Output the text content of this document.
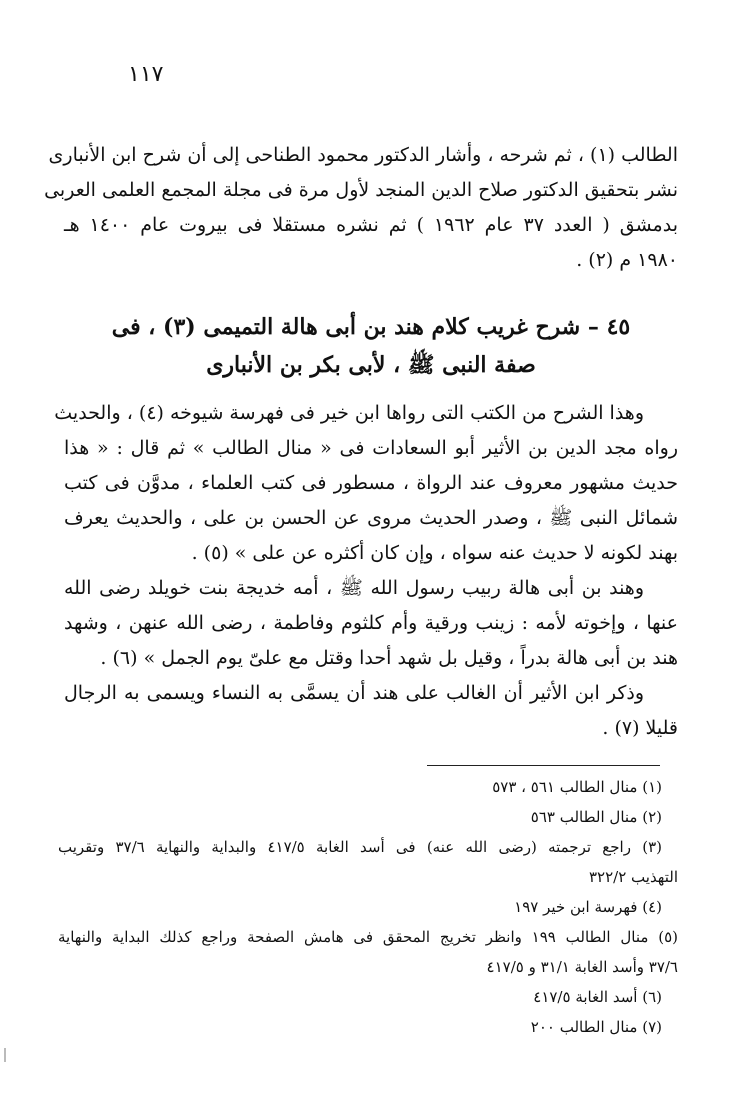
١١٧
الطالب (١) ، ثم شرحه ، وأشار الدكتور محمود الطناحى إلى أن شرح ابن الأنبارى
نشر بتحقيق الدكتور صلاح الدين المنجد لأول مرة فى مجلة المجمع العلمى العربى
بدمشق ( العدد ٣٧ عام ١٩٦٢ ) ثم نشره مستقلا فى بيروت عام ١٤٠٠ هـ
١٩٨٠ م (٢) .
٤٥ – شرح غريب كلام هند بن أبى هالة التميمى (٣) ، فى
صفة النبى ﷺ ، لأبى بكر بن الأنبارى
وهذا الشرح من الكتب التى رواها ابن خير فى فهرسة شيوخه (٤) ، والحديث
رواه مجد الدين بن الأثير أبو السعادات فى « منال الطالب » ثم قال : « هذا
حديث مشهور معروف عند الرواة ، مسطور فى كتب العلماء ، مدوَّن فى كتب
شمائل النبى ﷺ ، وصدر الحديث مروى عن الحسن بن على ، والحديث يعرف
بهند لكونه لا حديث عنه سواه ، وإن كان أكثره عن على » (٥) .
وهند بن أبى هالة ربيب رسول الله ﷺ ، أمه خديجة بنت خويلد رضى الله
عنها ، وإخوته لأمه : زينب ورقية وأم كلثوم وفاطمة ، رضى الله عنهن ، وشهد
هند بن أبى هالة بدراً ، وقيل بل شهد أحدا وقتل مع علىّ يوم الجمل » (٦) .
وذكر ابن الأثير أن الغالب على هند أن يسمَّى به النساء ويسمى به الرجال
قليلا (٧) .
(١) منال الطالب ٥٦١ ، ٥٧٣
(٢) منال الطالب ٥٦٣
(٣) راجع ترجمته (رضى الله عنه) فى أسد الغابة ٤١٧/٥ والبداية والنهاية ٣٧/٦ وتقريب
التهذيب ٣٢٢/٢
(٤) فهرسة ابن خير ١٩٧
(٥) منال الطالب ١٩٩ وانظر تخريج المحقق فى هامش الصفحة وراجع كذلك البداية والنهاية
٣٧/٦ وأسد الغابة ٣١/١ و ٤١٧/٥
(٦) أسد الغابة ٤١٧/٥
(٧) منال الطالب ٢٠٠
